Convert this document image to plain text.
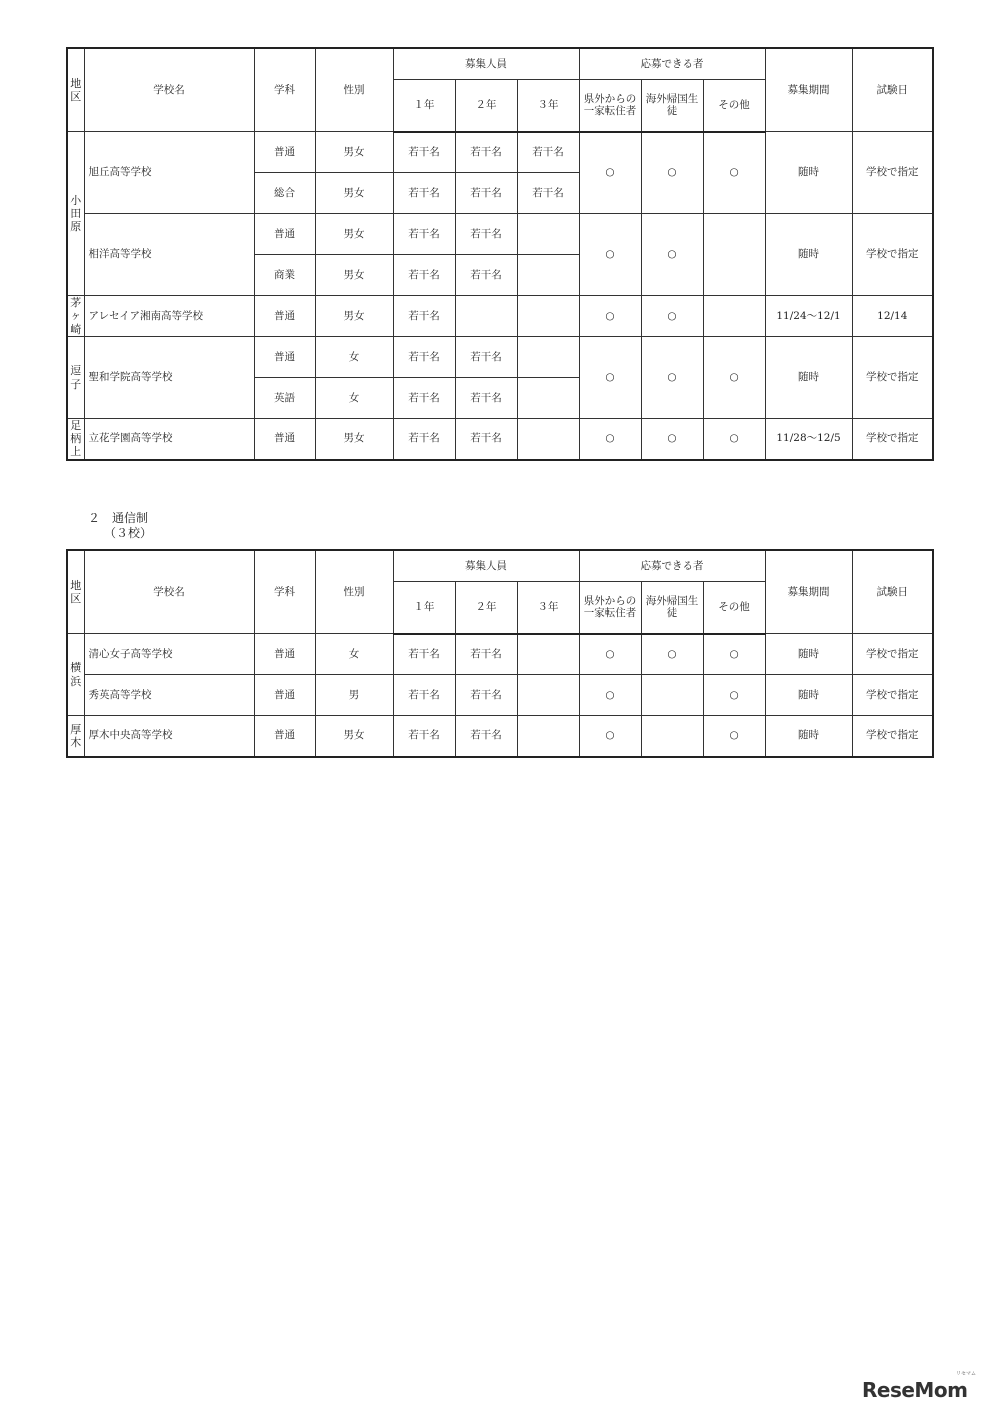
地区	学校名	学科	性別	募集人員			応募できる者			募集期間	試験日
				１年	２年	３年	県外からの一家転住者	海外帰国生徒	その他		
小田原	旭丘高等学校	普通	男女	若干名	若干名	若干名	○	○	○	随時	学校で指定
		総合	男女	若干名	若干名	若干名					
	相洋高等学校	普通	男女	若干名	若干名		○	○		随時	学校で指定
		商業	男女	若干名	若干名						
茅ヶ崎	アレセイア湘南高等学校	普通	男女	若干名			○	○		11/24〜12/1	12/14
逗子	聖和学院高等学校	普通	女	若干名	若干名		○	○	○	随時	学校で指定
		英語	女	若干名	若干名						
足柄上	立花学園高等学校	普通	男女	若干名	若干名		○	○	○	11/28〜12/5	学校で指定
２　通信制
（３校）
地区	学校名	学科	性別	募集人員			応募できる者			募集期間	試験日
				１年	２年	３年	県外からの一家転住者	海外帰国生徒	その他		
横浜	清心女子高等学校	普通	女	若干名	若干名		○	○	○	随時	学校で指定
	秀英高等学校	普通	男	若干名	若干名		○		○	随時	学校で指定
厚木	厚木中央高等学校	普通	男女	若干名	若干名		○		○	随時	学校で指定
リセマム
ReseMom
